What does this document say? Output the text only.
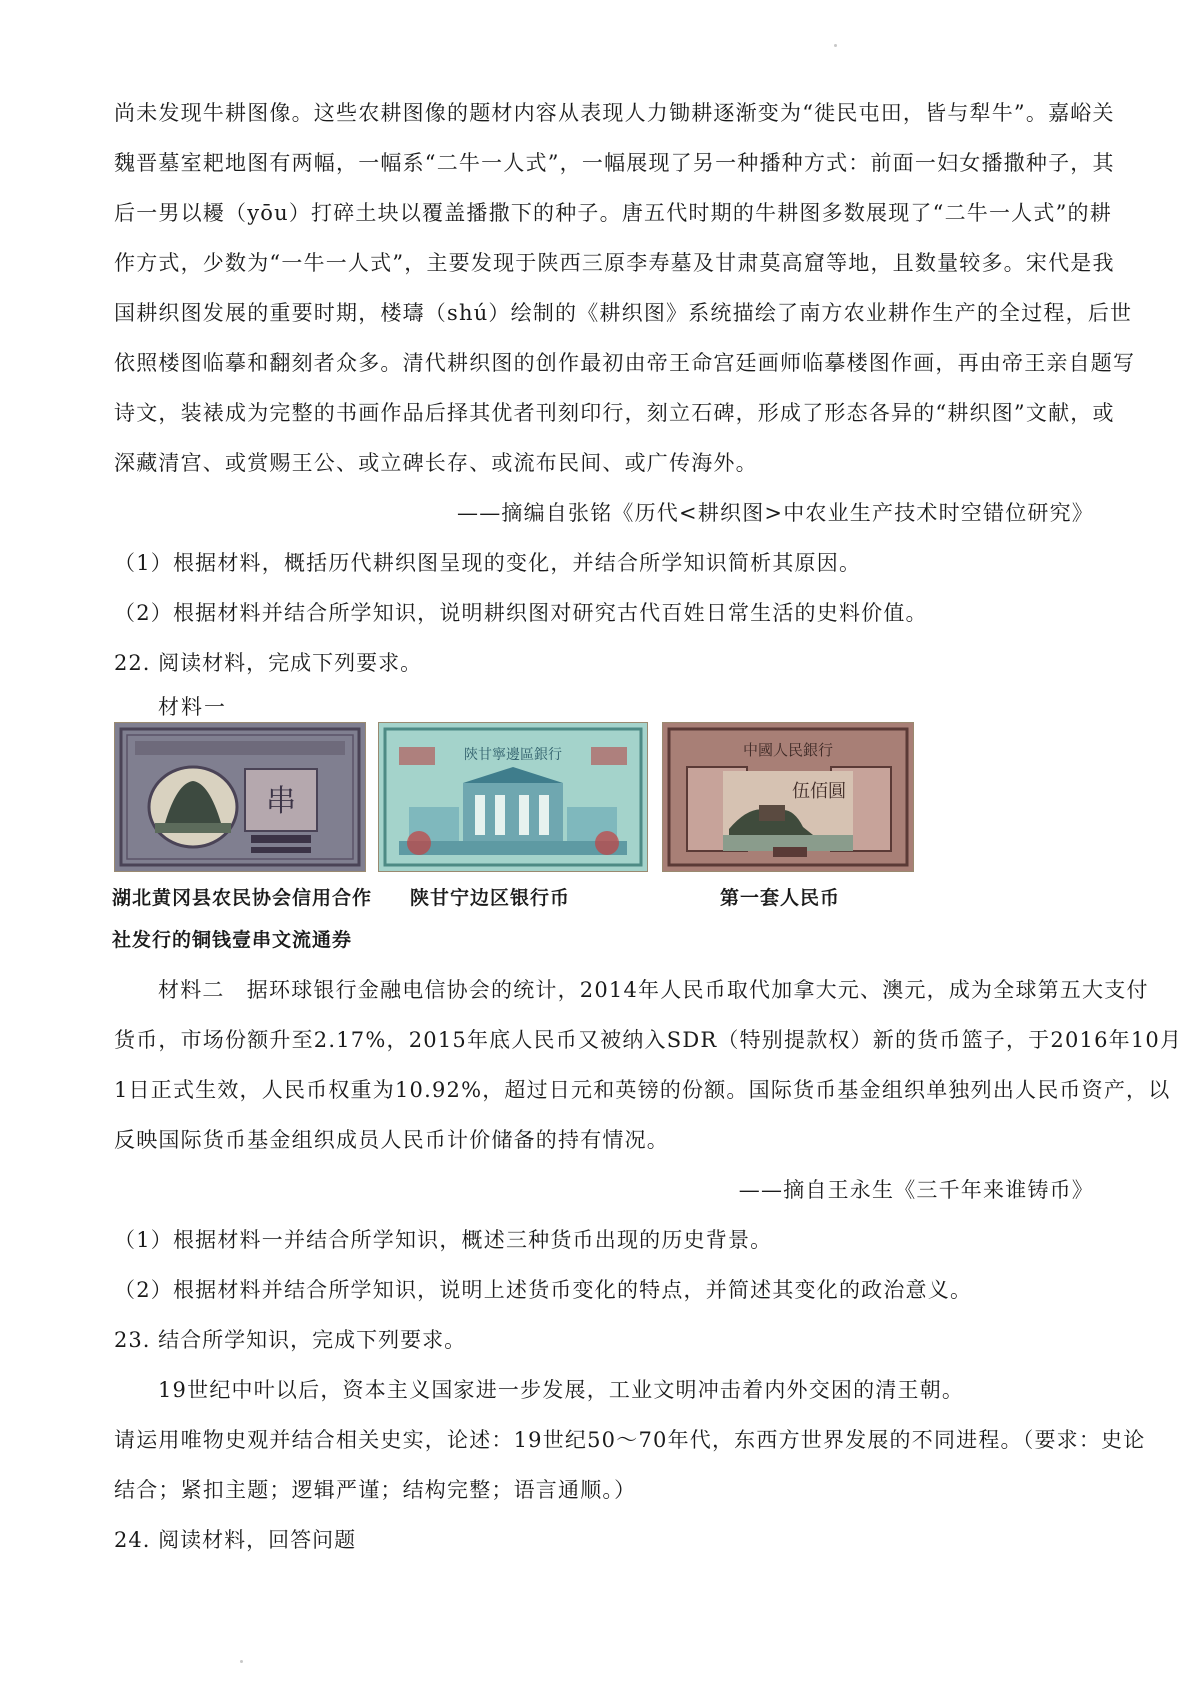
尚未发现牛耕图像。这些农耕图像的题材内容从表现人力锄耕逐渐变为“徙民屯田，皆与犁牛”。嘉峪关
魏晋墓室耙地图有两幅，一幅系“二牛一人式”，一幅展现了另一种播种方式：前面一妇女播撒种子，其
后一男以耰（yōu）打碎土块以覆盖播撒下的种子。唐五代时期的牛耕图多数展现了“二牛一人式”的耕
作方式，少数为“一牛一人式”，主要发现于陕西三原李寿墓及甘肃莫高窟等地，且数量较多。宋代是我
国耕织图发展的重要时期，楼璹（shú）绘制的《耕织图》系统描绘了南方农业耕作生产的全过程，后世
依照楼图临摹和翻刻者众多。清代耕织图的创作最初由帝王命宫廷画师临摹楼图作画，再由帝王亲自题写
诗文，装裱成为完整的书画作品后择其优者刊刻印行，刻立石碑，形成了形态各异的“耕织图”文献，或
深藏清宫、或赏赐王公、或立碑长存、或流布民间、或广传海外。
——摘编自张铭《历代<耕织图>中农业生产技术时空错位研究》
（1）根据材料，概括历代耕织图呈现的变化，并结合所学知识简析其原因。
（2）根据材料并结合所学知识，说明耕织图对研究古代百姓日常生活的史料价值。
22. 阅读材料，完成下列要求。
材料一
串
陝甘寧邊區銀行	中國人民銀行
伍佰圓
湖北黄冈县农民协会信用合作
社发行的铜钱壹串文流通券
陕甘宁边区银行币	第一套人民币
材料二　据环球银行金融电信协会的统计，2014年人民币取代加拿大元、澳元，成为全球第五大支付
货币，市场份额升至2.17%，2015年底人民币又被纳入SDR（特别提款权）新的货币篮子，于2016年10月
1日正式生效，人民币权重为10.92%，超过日元和英镑的份额。国际货币基金组织单独列出人民币资产，以
反映国际货币基金组织成员人民币计价储备的持有情况。
——摘自王永生《三千年来谁铸币》
（1）根据材料一并结合所学知识，概述三种货币出现的历史背景。
（2）根据材料并结合所学知识，说明上述货币变化的特点，并简述其变化的政治意义。
23. 结合所学知识，完成下列要求。
19世纪中叶以后，资本主义国家进一步发展，工业文明冲击着内外交困的清王朝。
请运用唯物史观并结合相关史实，论述：19世纪50～70年代，东西方世界发展的不同进程。（要求：史论
结合；紧扣主题；逻辑严谨；结构完整；语言通顺。）
24. 阅读材料，回答问题
